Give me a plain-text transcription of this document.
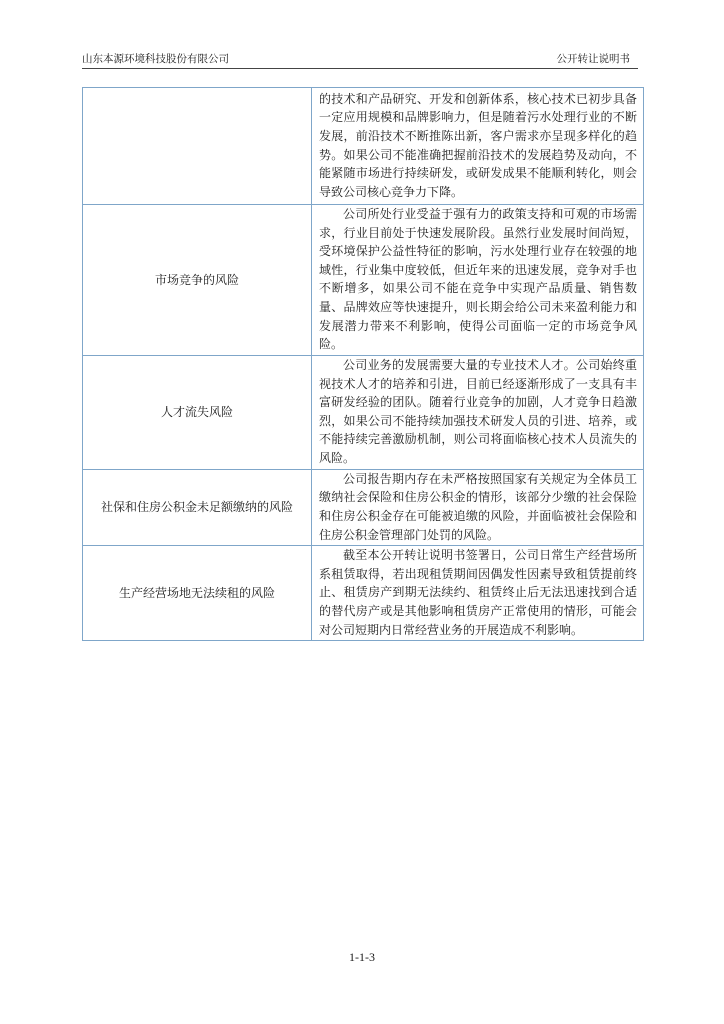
山东本源环境科技股份有限公司	公开转让说明书

	的技术和产品研究、开发和创新体系，核心技术已初步具备一定应用规模和品牌影响力，但是随着污水处理行业的不断发展，前沿技术不断推陈出新，客户需求亦呈现多样化的趋势。如果公司不能准确把握前沿技术的发展趋势及动向，不能紧随市场进行持续研发，或研发成果不能顺利转化，则会导致公司核心竞争力下降。

市场竞争的风险	公司所处行业受益于强有力的政策支持和可观的市场需求，行业目前处于快速发展阶段。虽然行业发展时间尚短，受环境保护公益性特征的影响，污水处理行业存在较强的地域性，行业集中度较低，但近年来的迅速发展，竞争对手也不断增多，如果公司不能在竞争中实现产品质量、销售数量、品牌效应等快速提升，则长期会给公司未来盈利能力和发展潜力带来不利影响，使得公司面临一定的市场竞争风险。

人才流失风险	公司业务的发展需要大量的专业技术人才。公司始终重视技术人才的培养和引进，目前已经逐渐形成了一支具有丰富研发经验的团队。随着行业竞争的加剧，人才竞争日趋激烈，如果公司不能持续加强技术研发人员的引进、培养，或不能持续完善激励机制，则公司将面临核心技术人员流失的风险。

社保和住房公积金未足额缴纳的风险	公司报告期内存在未严格按照国家有关规定为全体员工缴纳社会保险和住房公积金的情形，该部分少缴的社会保险和住房公积金存在可能被追缴的风险，并面临被社会保险和住房公积金管理部门处罚的风险。

生产经营场地无法续租的风险	截至本公开转让说明书签署日，公司日常生产经营场所系租赁取得，若出现租赁期间因偶发性因素导致租赁提前终止、租赁房产到期无法续约、租赁终止后无法迅速找到合适的替代房产或是其他影响租赁房产正常使用的情形，可能会对公司短期内日常经营业务的开展造成不利影响。

1-1-3
